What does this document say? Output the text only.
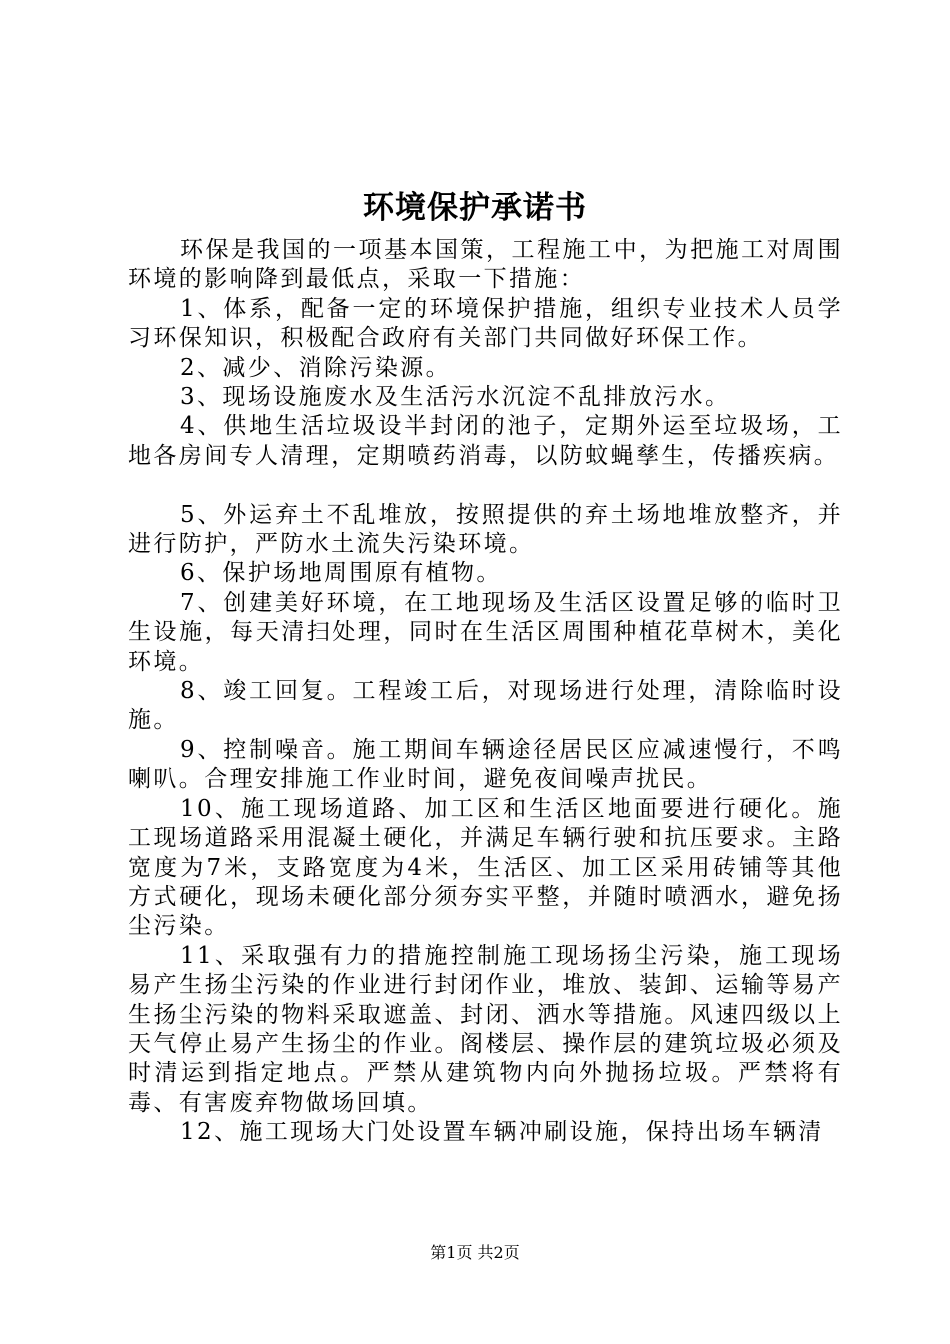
环境保护承诺书

环保是我国的一项基本国策，工程施工中，为把施工对周围环境的影响降到最低点，采取一下措施：

1、体系，配备一定的环境保护措施，组织专业技术人员学习环保知识，积极配合政府有关部门共同做好环保工作。

2、减少、消除污染源。

3、现场设施废水及生活污水沉淀不乱排放污水。

4、供地生活垃圾设半封闭的池子，定期外运至垃圾场，工地各房间专人清理，定期喷药消毒，以防蚊蝇孳生，传播疾病。

5、外运弃土不乱堆放，按照提供的弃土场地堆放整齐，并进行防护，严防水土流失污染环境。

6、保护场地周围原有植物。

7、创建美好环境，在工地现场及生活区设置足够的临时卫生设施，每天清扫处理，同时在生活区周围种植花草树木，美化环境。

8、竣工回复。工程竣工后，对现场进行处理，清除临时设施。

9、控制噪音。施工期间车辆途径居民区应减速慢行，不鸣喇叭。合理安排施工作业时间，避免夜间噪声扰民。

10、施工现场道路、加工区和生活区地面要进行硬化。施工现场道路采用混凝土硬化，并满足车辆行驶和抗压要求。主路宽度为7米，支路宽度为4米，生活区、加工区采用砖铺等其他方式硬化，现场未硬化部分须夯实平整，并随时喷洒水，避免扬尘污染。

11、采取强有力的措施控制施工现场扬尘污染，施工现场易产生扬尘污染的作业进行封闭作业，堆放、装卸、运输等易产生扬尘污染的物料采取遮盖、封闭、洒水等措施。风速四级以上天气停止易产生扬尘的作业。阁楼层、操作层的建筑垃圾必须及时清运到指定地点。严禁从建筑物内向外抛扬垃圾。严禁将有毒、有害废弃物做场回填。

12、施工现场大门处设置车辆冲刷设施，保持出场车辆清

第1页 共2页
